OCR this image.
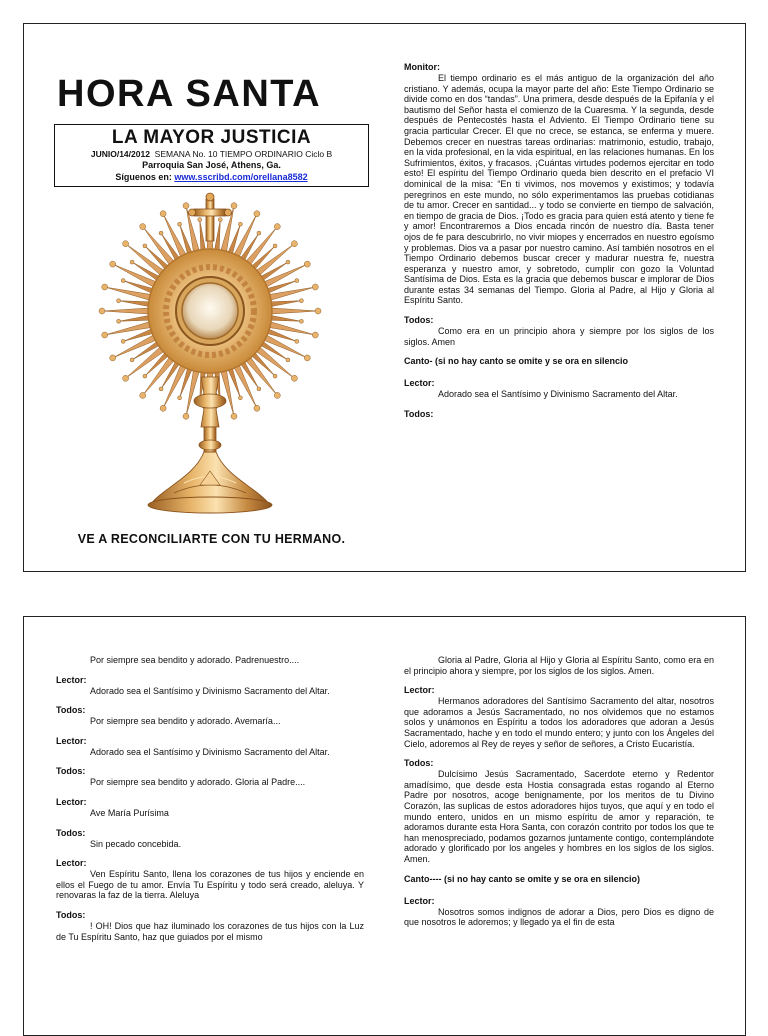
HORA SANTA
LA MAYOR JUSTICIA
JUNIO/14/2012 SEMANA No. 10 TIEMPO ORDINARIO Ciclo B
Parroquia San José, Athens, Ga.
Síguenos en: www.sscribd.com/orellana8582
VE A RECONCILIARTE CON TU HERMANO.
Monitor:

El tiempo ordinario es el más antiguo de la organización del año cristiano. Y además, ocupa la mayor parte del año: Este Tiempo Ordinario se divide como en dos “tandas”. Una primera, desde después de la Epifanía y el bautismo del Señor hasta el comienzo de la Cuaresma. Y la segunda, desde después de Pentecostés hasta el Adviento. El Tiempo Ordinario tiene su gracia particular Crecer. El que no crece, se estanca, se enferma y muere. Debemos crecer en nuestras tareas ordinarias: matrimonio, estudio, trabajo, en la vida profesional, en la vida espiritual, en las relaciones humanas. En los Sufrimientos, éxitos, y fracasos. ¡Cuántas virtudes podemos ejercitar en todo esto! El espíritu del Tiempo Ordinario queda bien descrito en el prefacio VI dominical de la misa: “En ti vivimos, nos movemos y existimos; y todavía peregrinos en este mundo, no sólo experimentamos las pruebas cotidianas de tu amor. Crecer en santidad... y todo se convierte en tiempo de salvación, en tiempo de gracia de Dios. ¡Todo es gracia para quien está atento y tiene fe y amor! Encontraremos a Dios encada rincón de nuestro día. Basta tener ojos de fe para descubrirlo, no vivir miopes y encerrados en nuestro egoísmo y problemas. Dios va a pasar por nuestro camino. Así también nosotros en el Tiempo Ordinario debemos buscar crecer y madurar nuestra fe, nuestra esperanza y nuestro amor, y sobretodo, cumplir con gozo la Voluntad Santísima de Dios. Esta es la gracia que debemos buscar e implorar de Dios durante estas 34 semanas del Tiempo. Gloria al Padre, al Hijo y Gloria al Espíritu Santo.

Todos:

Como era en un principio ahora y siempre por los siglos de los siglos. Amen

Canto- (si no hay canto se omite y se ora en silencio
Lector:

Adorado sea el Santísimo y Divinismo Sacramento del Altar.

Todos:

Por siempre sea bendito y adorado. Padrenuestro....

Lector:

Adorado sea el Santísimo y Divinismo Sacramento del Altar.

Todos:

Por siempre sea bendito y adorado. Avemaría...

Lector:

Adorado sea el Santísimo y Divinismo Sacramento del Altar.

Todos:

Por siempre sea bendito y adorado. Gloria al Padre....

Lector:

Ave María Purísima

Todos:

Sin pecado concebida.

Lector:

Ven Espíritu Santo, llena los corazones de tus hijos y enciende en ellos el Fuego de tu amor. Envía Tu Espíritu y todo será creado, aleluya. Y renovaras la faz de la tierra. Aleluya

Todos:

! OH! Dios que haz iluminado los corazones de tus hijos con la Luz de Tu Espíritu Santo, haz que guiados por el mismo

Gloria al Padre, Gloria al Hijo y Gloria al Espíritu Santo, como era en el principio ahora y siempre, por los siglos de los siglos. Amen.

Lector:

Hermanos adoradores del Santísimo Sacramento del altar, nosotros que adoramos a Jesús Sacramentado, no nos olvidemos que no estamos solos y unámonos en Espíritu a todos los adoradores que adoran a Jesús Sacramentado, hache y en todo el mundo entero; y junto con los Ángeles del Cielo, adoremos al Rey de reyes y señor de señores, a Cristo Eucaristía.

Todos:

Dulcísimo Jesús Sacramentado, Sacerdote eterno y Redentor amadísimo, que desde esta Hostia consagrada estas rogando al Eterno Padre por nosotros, acoge benignamente, por los meritos de tu Divino Corazón, las suplicas de estos adoradores hijos tuyos, que aquí y en todo el mundo entero, unidos en un mismo espíritu de amor y reparación, te adoramos durante esta Hora Santa, con corazón contrito por todos los que te han menospreciado, podamos gozarnos juntamente contigo, contemplándote adorado y glorificado por los angeles y hombres en los siglos de los siglos. Amen.

Canto---- (si no hay canto se omite y se ora en silencio)
Lector:

Nosotros somos indignos de adorar a Dios, pero Dios es digno de que nosotros le adoremos; y llegado ya el fin de esta
